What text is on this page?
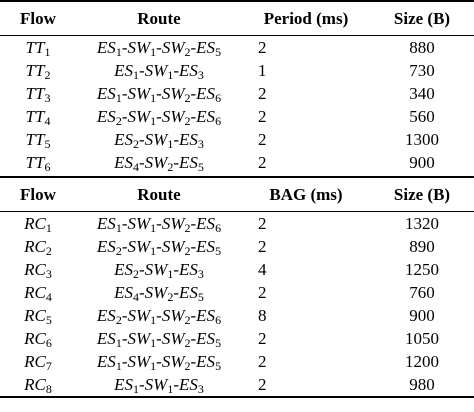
Flow	Route	Period (ms)	Size (B)
$TT_1$	$ES_1-SW_1-SW_2-ES_5$	2	880
$TT_2$	$ES_1-SW_1-ES_3$	1	730
$TT_3$	$ES_1-SW_1-SW_2-ES_6$	2	340
$TT_4$	$ES_2-SW_1-SW_2-ES_6$	2	560
$TT_5$	$ES_2-SW_1-ES_3$	2	1300
$TT_6$	$ES_4-SW_2-ES_5$	2	900
Flow	Route	BAG (ms)	Size (B)
$RC_1$	$ES_1-SW_1-SW_2-ES_6$	2	1320
$RC_2$	$ES_2-SW_1-SW_2-ES_5$	2	890
$RC_3$	$ES_2-SW_1-ES_3$	4	1250
$RC_4$	$ES_4-SW_2-ES_5$	2	760
$RC_5$	$ES_2-SW_1-SW_2-ES_6$	8	900
$RC_6$	$ES_1-SW_1-SW_2-ES_5$	2	1050
$RC_7$	$ES_1-SW_1-SW_2-ES_5$	2	1200
$RC_8$	$ES_1-SW_1-ES_3$	2	980
